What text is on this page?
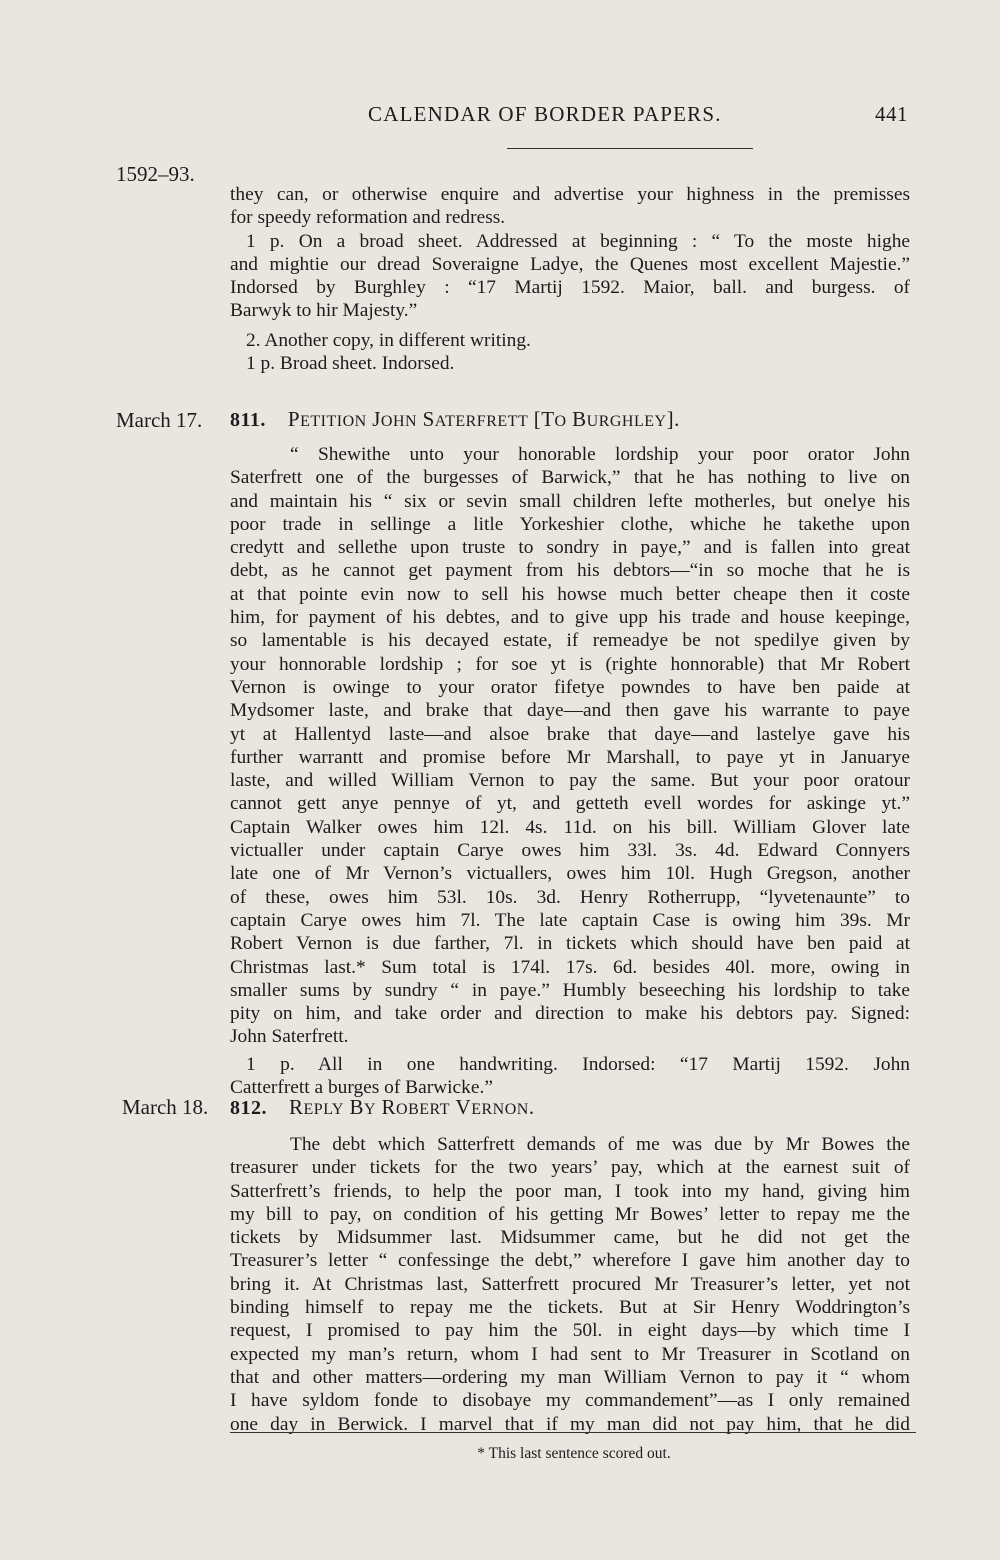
CALENDAR OF BORDER PAPERS.	441
1592–93.
they can, or otherwise enquire and advertise your highness in the premisses
for speedy reformation and redress.
1 p. On a broad sheet. Addressed at beginning : “ To the moste highe
and mightie our dread Soveraigne Ladye, the Quenes most excellent Majestie.”
Indorsed by Burghley : “17 Martij 1592. Maior, ball. and burgess. of
Barwyk to hir Majesty.”
2. Another copy, in different writing.
1 p. Broad sheet. Indorsed.
March 17. 811. PETITION JOHN SATERFRETT [TO BURGHLEY].
“ Shewithe unto your honorable lordship your poor orator John
Saterfrett one of the burgesses of Barwick,” that he has nothing to live on
and maintain his “ six or sevin small children lefte motherles, but onelye his
poor trade in sellinge a litle Yorkeshier clothe, whiche he takethe upon
credytt and sellethe upon truste to sondry in paye,” and is fallen into great
debt, as he cannot get payment from his debtors—“in so moche that he is
at that pointe evin now to sell his howse much better cheape then it coste
him, for payment of his debtes, and to give upp his trade and house keepinge,
so lamentable is his decayed estate, if remeadye be not spedilye given by
your honnorable lordship ; for soe yt is (righte honnorable) that Mr Robert
Vernon is owinge to your orator fifetye powndes to have ben paide at
Mydsomer laste, and brake that daye—and then gave his warrante to paye
yt at Hallentyd laste—and alsoe brake that daye—and lastelye gave his
further warrantt and promise before Mr Marshall, to paye yt in Januarye
laste, and willed William Vernon to pay the same. But your poor oratour
cannot gett anye pennye of yt, and getteth evell wordes for askinge yt.”
Captain Walker owes him 12l. 4s. 11d. on his bill. William Glover late
victualler under captain Carye owes him 33l. 3s. 4d. Edward Connyers
late one of Mr Vernon’s victuallers, owes him 10l. Hugh Gregson, another
of these, owes him 53l. 10s. 3d. Henry Rotherrupp, “lyvetenaunte” to
captain Carye owes him 7l. The late captain Case is owing him 39s. Mr
Robert Vernon is due farther, 7l. in tickets which should have ben paid at
Christmas last.* Sum total is 174l. 17s. 6d. besides 40l. more, owing in
smaller sums by sundry “ in paye.” Humbly beseeching his lordship to take
pity on him, and take order and direction to make his debtors pay. Signed:
John Saterfrett.
1 p. All in one handwriting. Indorsed: “17 Martij 1592. John
Catterfrett a burges of Barwicke.”
March 18. 812. REPLY BY ROBERT VERNON.
The debt which Satterfrett demands of me was due by Mr Bowes the
treasurer under tickets for the two years’ pay, which at the earnest suit of
Satterfrett’s friends, to help the poor man, I took into my hand, giving him
my bill to pay, on condition of his getting Mr Bowes’ letter to repay me the
tickets by Midsummer last. Midsummer came, but he did not get the
Treasurer’s letter “ confessinge the debt,” wherefore I gave him another day to
bring it. At Christmas last, Satterfrett procured Mr Treasurer’s letter, yet not
binding himself to repay me the tickets. But at Sir Henry Woddrington’s
request, I promised to pay him the 50l. in eight days—by which time I
expected my man’s return, whom I had sent to Mr Treasurer in Scotland on
that and other matters—ordering my man William Vernon to pay it “ whom
I have syldom fonde to disobaye my commandement”—as I only remained
one day in Berwick. I marvel that if my man did not pay him, that he did
* This last sentence scored out.
